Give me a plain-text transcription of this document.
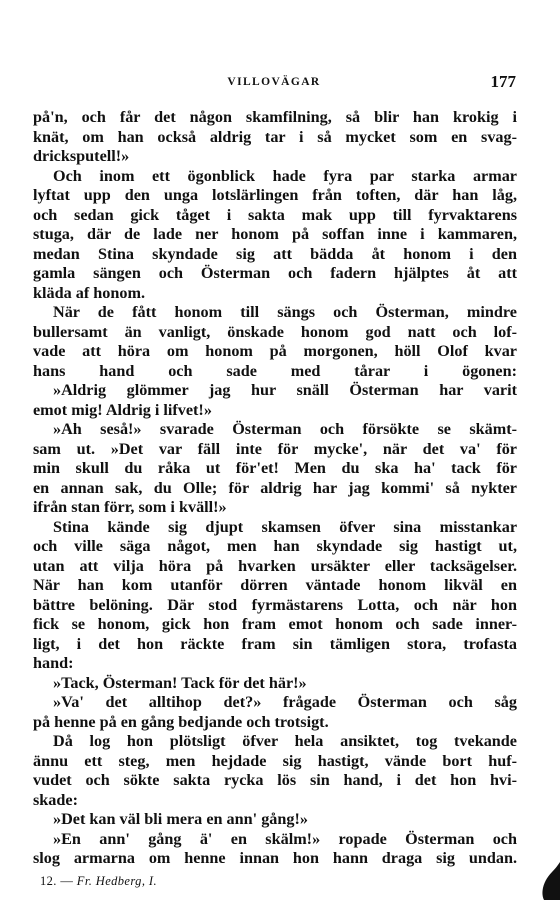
VILLOVÄGAR	177
på'n, och får det någon skamfilning, så blir han krokig i
knät, om han också aldrig tar i så mycket som en svag-
dricksputell!»
Och inom ett ögonblick hade fyra par starka armar
lyftat upp den unga lotslärlingen från toften, där han låg,
och sedan gick tåget i sakta mak upp till fyrvaktarens
stuga, där de lade ner honom på soffan inne i kammaren,
medan Stina skyndade sig att bädda åt honom i den
gamla sängen och Österman och fadern hjälptes åt att
kläda af honom.
När de fått honom till sängs och Österman, mindre
bullersamt än vanligt, önskade honom god natt och lof-
vade att höra om honom på morgonen, höll Olof kvar
hans hand och sade med tårar i ögonen:
»Aldrig glömmer jag hur snäll Österman har varit
emot mig! Aldrig i lifvet!»
»Ah seså!» svarade Österman och försökte se skämt-
sam ut. »Det var fäll inte för mycke', när det va' för
min skull du råka ut för'et! Men du ska ha' tack för
en annan sak, du Olle; för aldrig har jag kommi' så nykter
ifrån stan förr, som i kväll!»
Stina kände sig djupt skamsen öfver sina misstankar
och ville säga något, men han skyndade sig hastigt ut,
utan att vilja höra på hvarken ursäkter eller tacksägelser.
När han kom utanför dörren väntade honom likväl en
bättre belöning. Där stod fyrmästarens Lotta, och när hon
fick se honom, gick hon fram emot honom och sade inner-
ligt, i det hon räckte fram sin tämligen stora, trofasta
hand:
»Tack, Österman! Tack för det här!»
»Va' det alltihop det?» frågade Österman och såg
på henne på en gång bedjande och trotsigt.
Då log hon plötsligt öfver hela ansiktet, tog tvekande
ännu ett steg, men hejdade sig hastigt, vände bort huf-
vudet och sökte sakta rycka lös sin hand, i det hon hvi-
skade:
»Det kan väl bli mera en ann' gång!»
»En ann' gång ä' en skälm!» ropade Österman och
slog armarna om henne innan hon hann draga sig undan.
12. — Fr. Hedberg, I.
